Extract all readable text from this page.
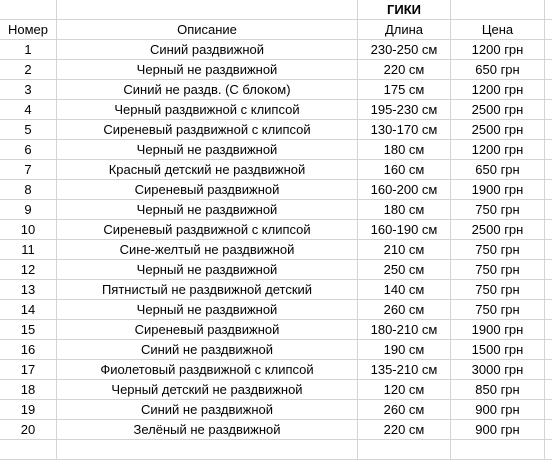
ГИКИ
Номер	Описание	Длина	Цена
1	Синий раздвижной	230-250 см	1200 грн
2	Черный не раздвижной	220 см	650 грн
3	Синий не раздв. (С блоком)	175 см	1200 грн
4	Черный раздвижной с клипсой	195-230 см	2500 грн
5	Сиреневый раздвижной с клипсой	130-170 см	2500 грн
6	Черный не раздвижной	180 см	1200 грн
7	Красный детский не раздвижной	160 см	650 грн
8	Сиреневый раздвижной	160-200 см	1900 грн
9	Черный не раздвижной	180 см	750 грн
10	Сиреневый раздвижной с клипсой	160-190 см	2500 грн
11	Сине-желтый не раздвижной	210 см	750 грн
12	Черный не раздвижной	250 см	750 грн
13	Пятнистый не раздвижной детский	140 см	750 грн
14	Черный не раздвижной	260 см	750 грн
15	Сиреневый раздвижной	180-210 см	1900 грн
16	Синий не раздвижной	190 см	1500 грн
17	Фиолетовый раздвижной с клипсой	135-210 см	3000 грн
18	Черный детский не раздвижной	120 см	850 грн
19	Синий не раздвижной	260 см	900 грн
20	Зелёный не раздвижной	220 см	900 грн
